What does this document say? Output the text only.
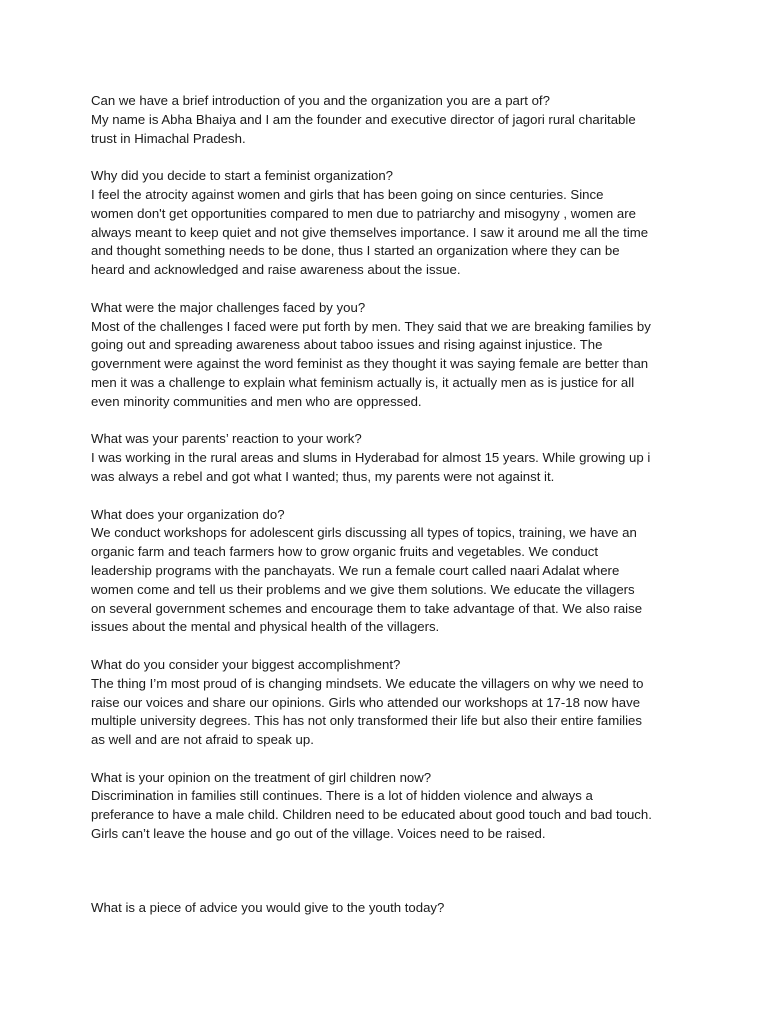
Can we have a brief introduction of you and the organization you are a part of?
My name is Abha Bhaiya and I am the founder and executive director of jagori rural charitable
trust in Himachal Pradesh.
Why did you decide to start a feminist organization?
I feel the atrocity against women and girls that has been going on since centuries. Since
women don't get opportunities compared to men due to patriarchy and misogyny , women are
always meant to keep quiet and not give themselves importance. I saw it around me all the time
and thought something needs to be done, thus I started an organization where they can be
heard and acknowledged and raise awareness about the issue.
What were the major challenges faced by you?
Most of the challenges I faced were put forth by men. They said that we are breaking families by
going out and spreading awareness about taboo issues and rising against injustice. The
government were against the word feminist as they thought it was saying female are better than
men it was a challenge to explain what feminism actually is, it actually men as is justice for all
even minority communities and men who are oppressed.
What was your parents’ reaction to your work?
I was working in the rural areas and slums in Hyderabad for almost 15 years. While growing up i
was always a rebel and got what I wanted; thus, my parents were not against it.
What does your organization do?
We conduct workshops for adolescent girls discussing all types of topics, training, we have an
organic farm and teach farmers how to grow organic fruits and vegetables. We conduct
leadership programs with the panchayats. We run a female court called naari Adalat where
women come and tell us their problems and we give them solutions. We educate the villagers
on several government schemes and encourage them to take advantage of that. We also raise
issues about the mental and physical health of the villagers.
What do you consider your biggest accomplishment?
The thing I’m most proud of is changing mindsets. We educate the villagers on why we need to
raise our voices and share our opinions. Girls who attended our workshops at 17-18 now have
multiple university degrees. This has not only transformed their life but also their entire families
as well and are not afraid to speak up.
What is your opinion on the treatment of girl children now?
Discrimination in families still continues. There is a lot of hidden violence and always a
preferance to have a male child. Children need to be educated about good touch and bad touch.
Girls can’t leave the house and go out of the village. Voices need to be raised.
What is a piece of advice you would give to the youth today?
